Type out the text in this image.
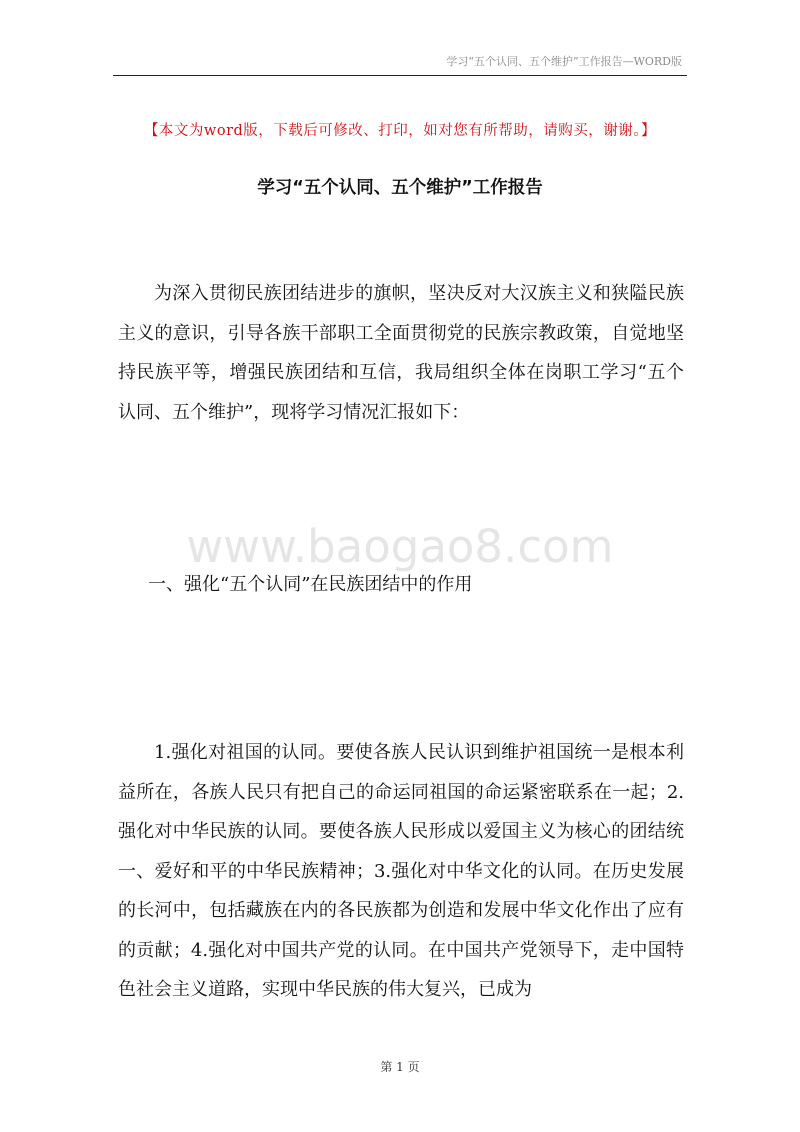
学习“五个认同、五个维护”工作报告—WORD版
【本文为word版，下载后可修改、打印，如对您有所帮助，请购买，谢谢。】
学习“五个认同、五个维护”工作报告

为深入贯彻民族团结进步的旗帜，坚决反对大汉族主义和狭隘民族主义的意识，引导各族干部职工全面贯彻党的民族宗教政策，自觉地坚持民族平等，增强民族团结和互信，我局组织全体在岗职工学习“五个认同、五个维护”，现将学习情况汇报如下：

www.baogao8.com

一、强化“五个认同”在民族团结中的作用

1.强化对祖国的认同。要使各族人民认识到维护祖国统一是根本利益所在，各族人民只有把自己的命运同祖国的命运紧密联系在一起；2.强化对中华民族的认同。要使各族人民形成以爱国主义为核心的团结统一、爱好和平的中华民族精神；3.强化对中华文化的认同。在历史发展的长河中，包括藏族在内的各民族都为创造和发展中华文化作出了应有的贡献；4.强化对中国共产党的认同。在中国共产党领导下，走中国特色社会主义道路，实现中华民族的伟大复兴，已成为

第 1 页
